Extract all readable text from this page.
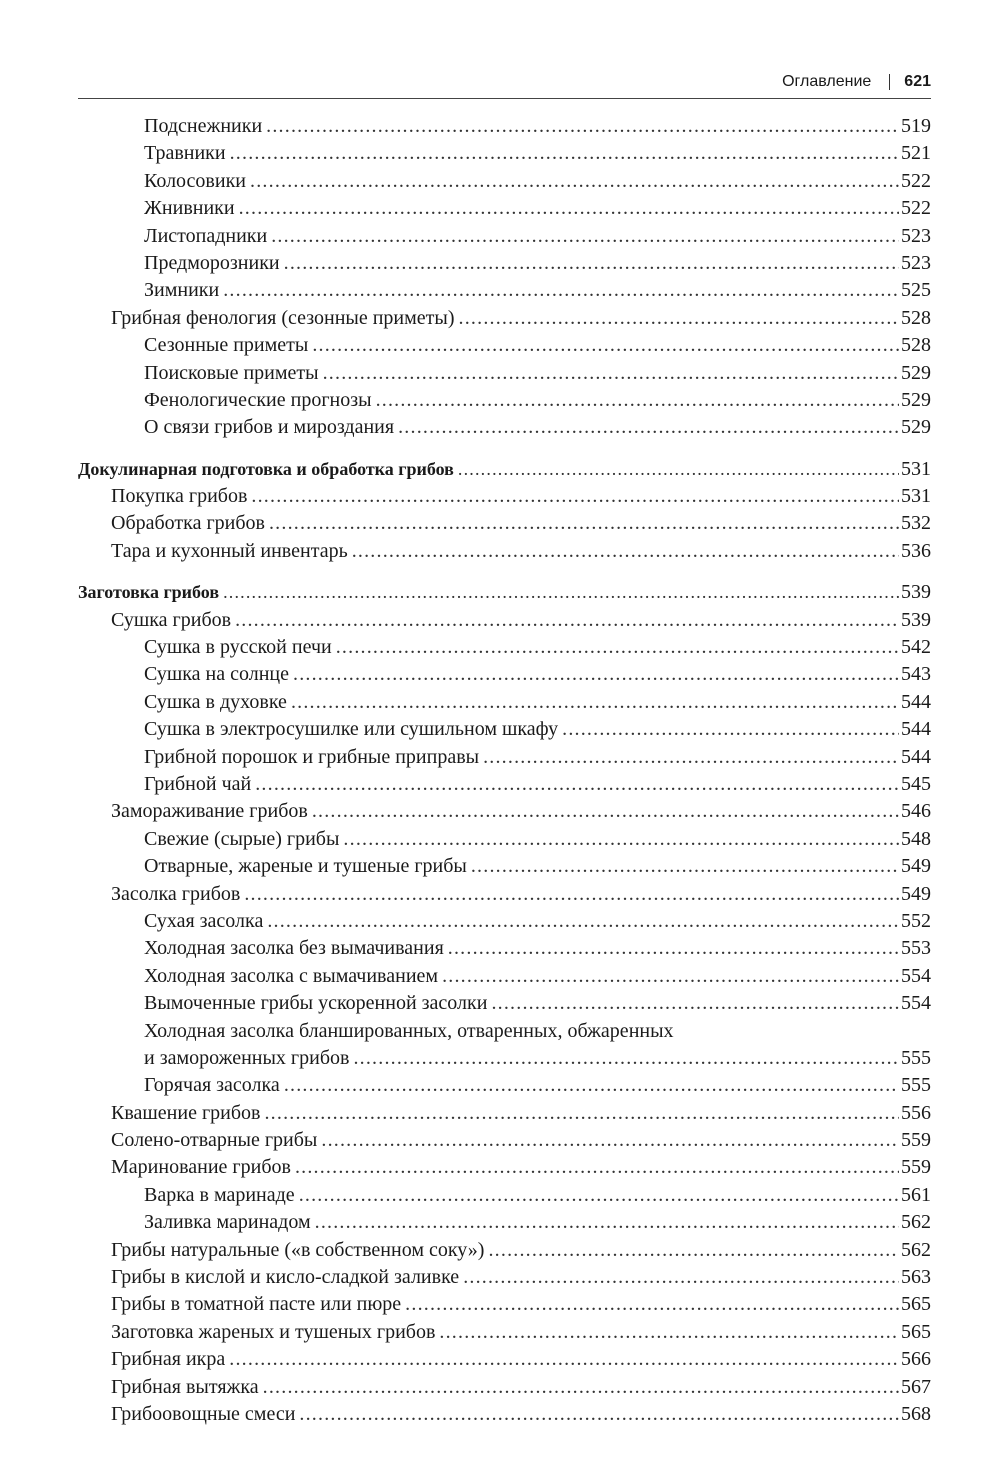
Оглавление 621
Подснежники .....	519
Травники .....	521
Колосовики .....	522
Жнивники .....	522
Листопадники .....	523
Предморозники .....	523
Зимники .....	525
Грибная фенология (сезонные приметы) .....	528
Сезонные приметы .....	528
Поисковые приметы .....	529
Фенологические прогнозы .....	529
О связи грибов и мироздания .....	529
Докулинарная подготовка и обработка грибов .....	531
Покупка грибов .....	531
Обработка грибов .....	532
Тара и кухонный инвентарь .....	536
Заготовка грибов .....	539
Сушка грибов .....	539
Сушка в русской печи .....	542
Сушка на солнце .....	543
Сушка в духовке .....	544
Сушка в электросушилке или сушильном шкафу .....	544
Грибной порошок и грибные приправы .....	544
Грибной чай .....	545
Замораживание грибов .....	546
Свежие (сырые) грибы .....	548
Отварные, жареные и тушеные грибы .....	549
Засолка грибов .....	549
Сухая засолка .....	552
Холодная засолка без вымачивания .....	553
Холодная засолка с вымачиванием .....	554
Вымоченные грибы ускоренной засолки .....	554
Холодная засолка бланшированных, отваренных, обжаренных
и замороженных грибов .....	555
Горячая засолка .....	555
Квашение грибов .....	556
Солено-отварные грибы .....	559
Маринование грибов .....	559
Варка в маринаде .....	561
Заливка маринадом .....	562
Грибы натуральные («в собственном соку») .....	562
Грибы в кислой и кисло-сладкой заливке .....	563
Грибы в томатной пасте или пюре .....	565
Заготовка жареных и тушеных грибов .....	565
Грибная икра .....	566
Грибная вытяжка .....	567
Грибоовощные смеси .....	568
